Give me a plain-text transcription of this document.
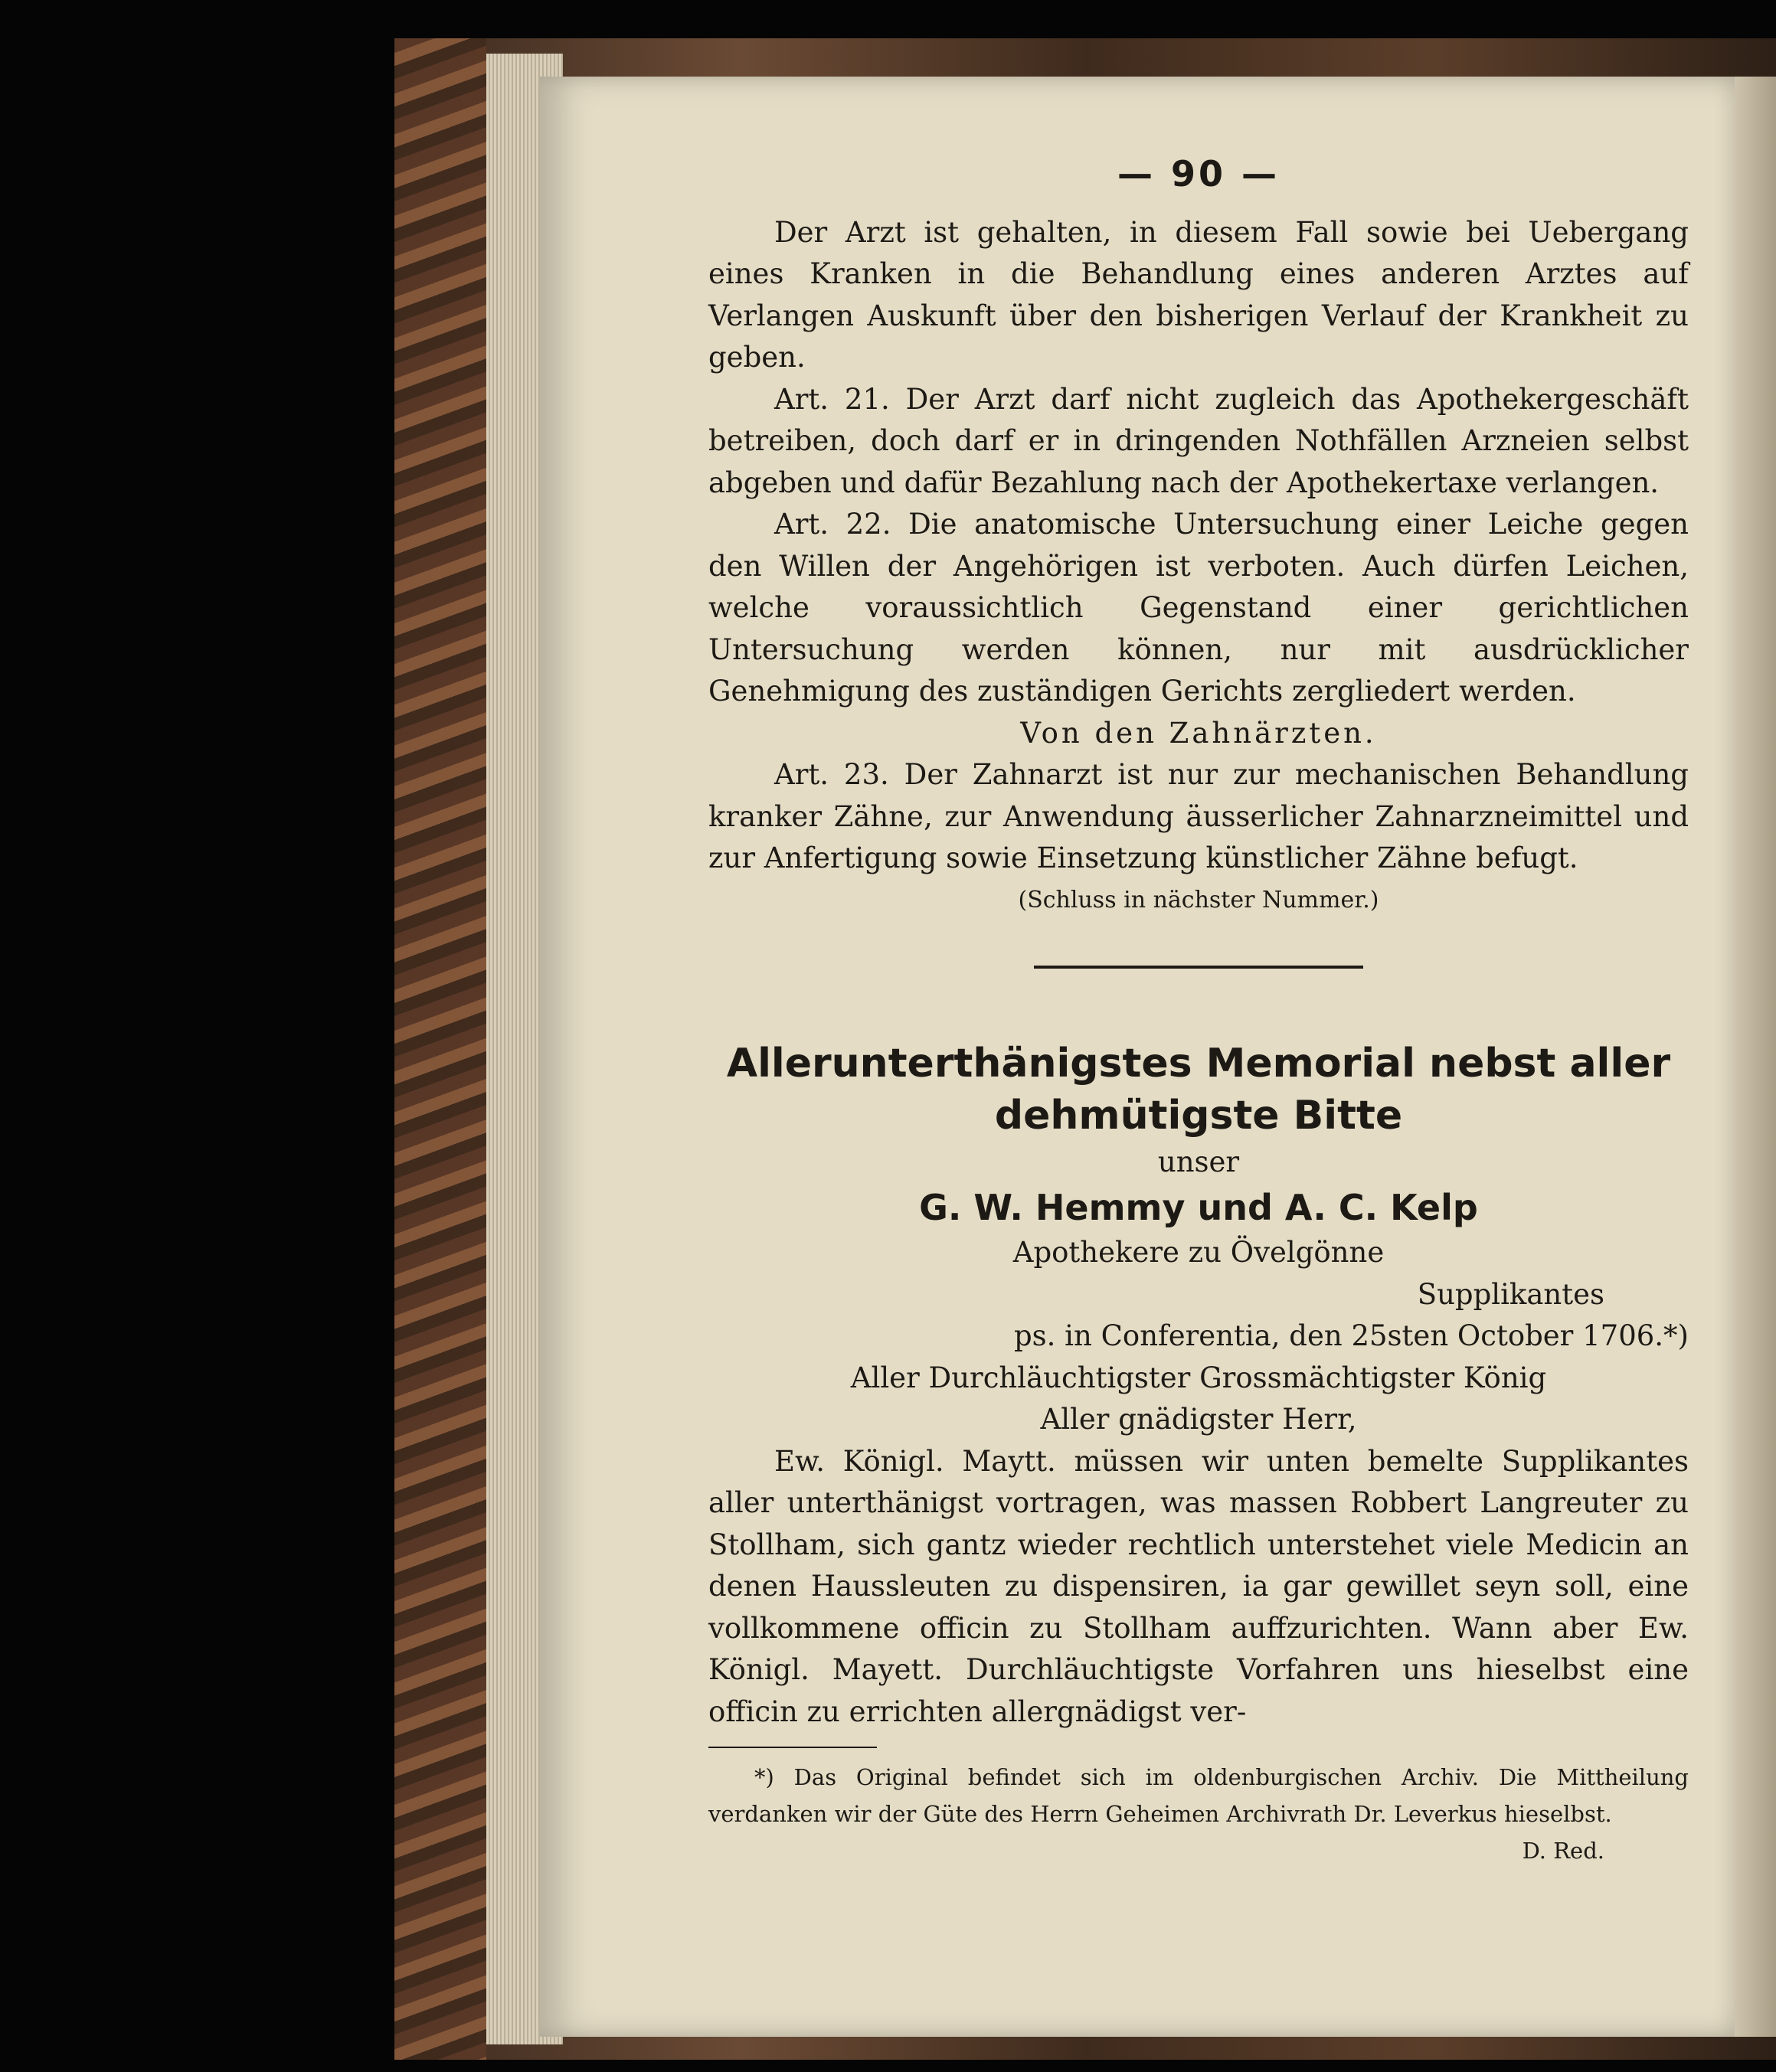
— 90 —

Der Arzt ist gehalten, in diesem Fall sowie bei Uebergang eines Kranken in die Behandlung eines anderen Arztes auf Verlangen Auskunft über den bisherigen Verlauf der Krankheit zu geben.

Art. 21. Der Arzt darf nicht zugleich das Apothekergeschäft betreiben, doch darf er in dringenden Nothfällen Arzneien selbst abgeben und dafür Bezahlung nach der Apothekertaxe verlangen.

Art. 22. Die anatomische Untersuchung einer Leiche gegen den Willen der Angehörigen ist verboten. Auch dürfen Leichen, welche voraussichtlich Gegenstand einer gerichtlichen Untersuchung werden können, nur mit ausdrücklicher Genehmigung des zuständigen Gerichts zergliedert werden.

Von den Zahnärzten.

Art. 23. Der Zahnarzt ist nur zur mechanischen Behandlung kranker Zähne, zur Anwendung äusserlicher Zahnarzneimittel und zur Anfertigung sowie Einsetzung künstlicher Zähne befugt.

(Schluss in nächster Nummer.)

Allerunterthänigstes Memorial nebst aller

dehmütigste Bitte

unser

G. W. Hemmy und A. C. Kelp

Apothekere zu Övelgönne

Supplikantes

ps. in Conferentia, den 25sten October 1706.*)

Aller Durchläuchtigster Grossmächtigster König

Aller gnädigster Herr,

Ew. Königl. Maytt. müssen wir unten bemelte Supplikantes aller unterthänigst vortragen, was massen Robbert Langreuter zu Stollham, sich gantz wieder rechtlich unterstehet viele Medicin an denen Haussleuten zu dispensiren, ia gar gewillet seyn soll, eine vollkommene officin zu Stollham auffzurichten. Wann aber Ew. Königl. Mayett. Durchläuchtigste Vorfahren uns hieselbst eine officin zu errichten allergnädigst ver-

*) Das Original befindet sich im oldenburgischen Archiv. Die Mittheilung verdanken wir der Güte des Herrn Geheimen Archivrath Dr. Leverkus hieselbst.

D. Red.
